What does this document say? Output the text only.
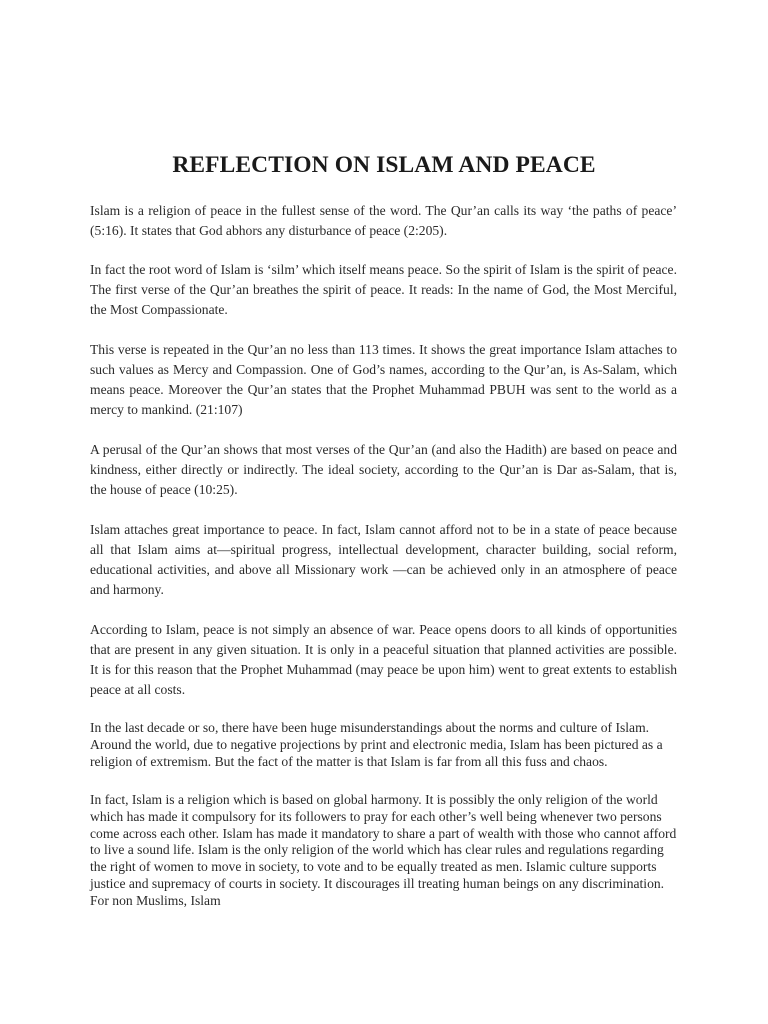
REFLECTION ON ISLAM AND PEACE

Islam is a religion of peace in the fullest sense of the word. The Qur’an calls its way ‘the paths of peace’ (5:16). It states that God abhors any disturbance of peace (2:205).

In fact the root word of Islam is ‘silm’ which itself means peace. So the spirit of Islam is the spirit of peace. The first verse of the Qur’an breathes the spirit of peace. It reads: In the name of God, the Most Merciful, the Most Compassionate.

This verse is repeated in the Qur’an no less than 113 times. It shows the great importance Islam attaches to such values as Mercy and Compassion. One of God’s names, according to the Qur’an, is As-Salam, which means peace. Moreover the Qur’an states that the Prophet Muhammad PBUH was sent to the world as a mercy to mankind. (21:107)

A perusal of the Qur’an shows that most verses of the Qur’an (and also the Hadith) are based on peace and kindness, either directly or indirectly. The ideal society, according to the Qur’an is Dar as-Salam, that is, the house of peace (10:25).

Islam attaches great importance to peace. In fact, Islam cannot afford not to be in a state of peace because all that Islam aims at—spiritual progress, intellectual development, character building, social reform, educational activities, and above all Missionary work —can be achieved only in an atmosphere of peace and harmony.

According to Islam, peace is not simply an absence of war. Peace opens doors to all kinds of opportunities that are present in any given situation. It is only in a peaceful situation that planned activities are possible. It is for this reason that the Prophet Muhammad (may peace be upon him) went to great extents to establish peace at all costs.

In the last decade or so, there have been huge misunderstandings about the norms and culture of Islam. Around the world, due to negative projections by print and electronic media, Islam has been pictured as a religion of extremism. But the fact of the matter is that Islam is far from all this fuss and chaos.

In fact, Islam is a religion which is based on global harmony. It is possibly the only religion of the world which has made it compulsory for its followers to pray for each other’s well being whenever two persons come across each other. Islam has made it mandatory to share a part of wealth with those who cannot afford to live a sound life. Islam is the only religion of the world which has clear rules and regulations regarding the right of women to move in society, to vote and to be equally treated as men. Islamic culture supports justice and supremacy of courts in society. It discourages ill treating human beings on any discrimination. For non Muslims, Islam
